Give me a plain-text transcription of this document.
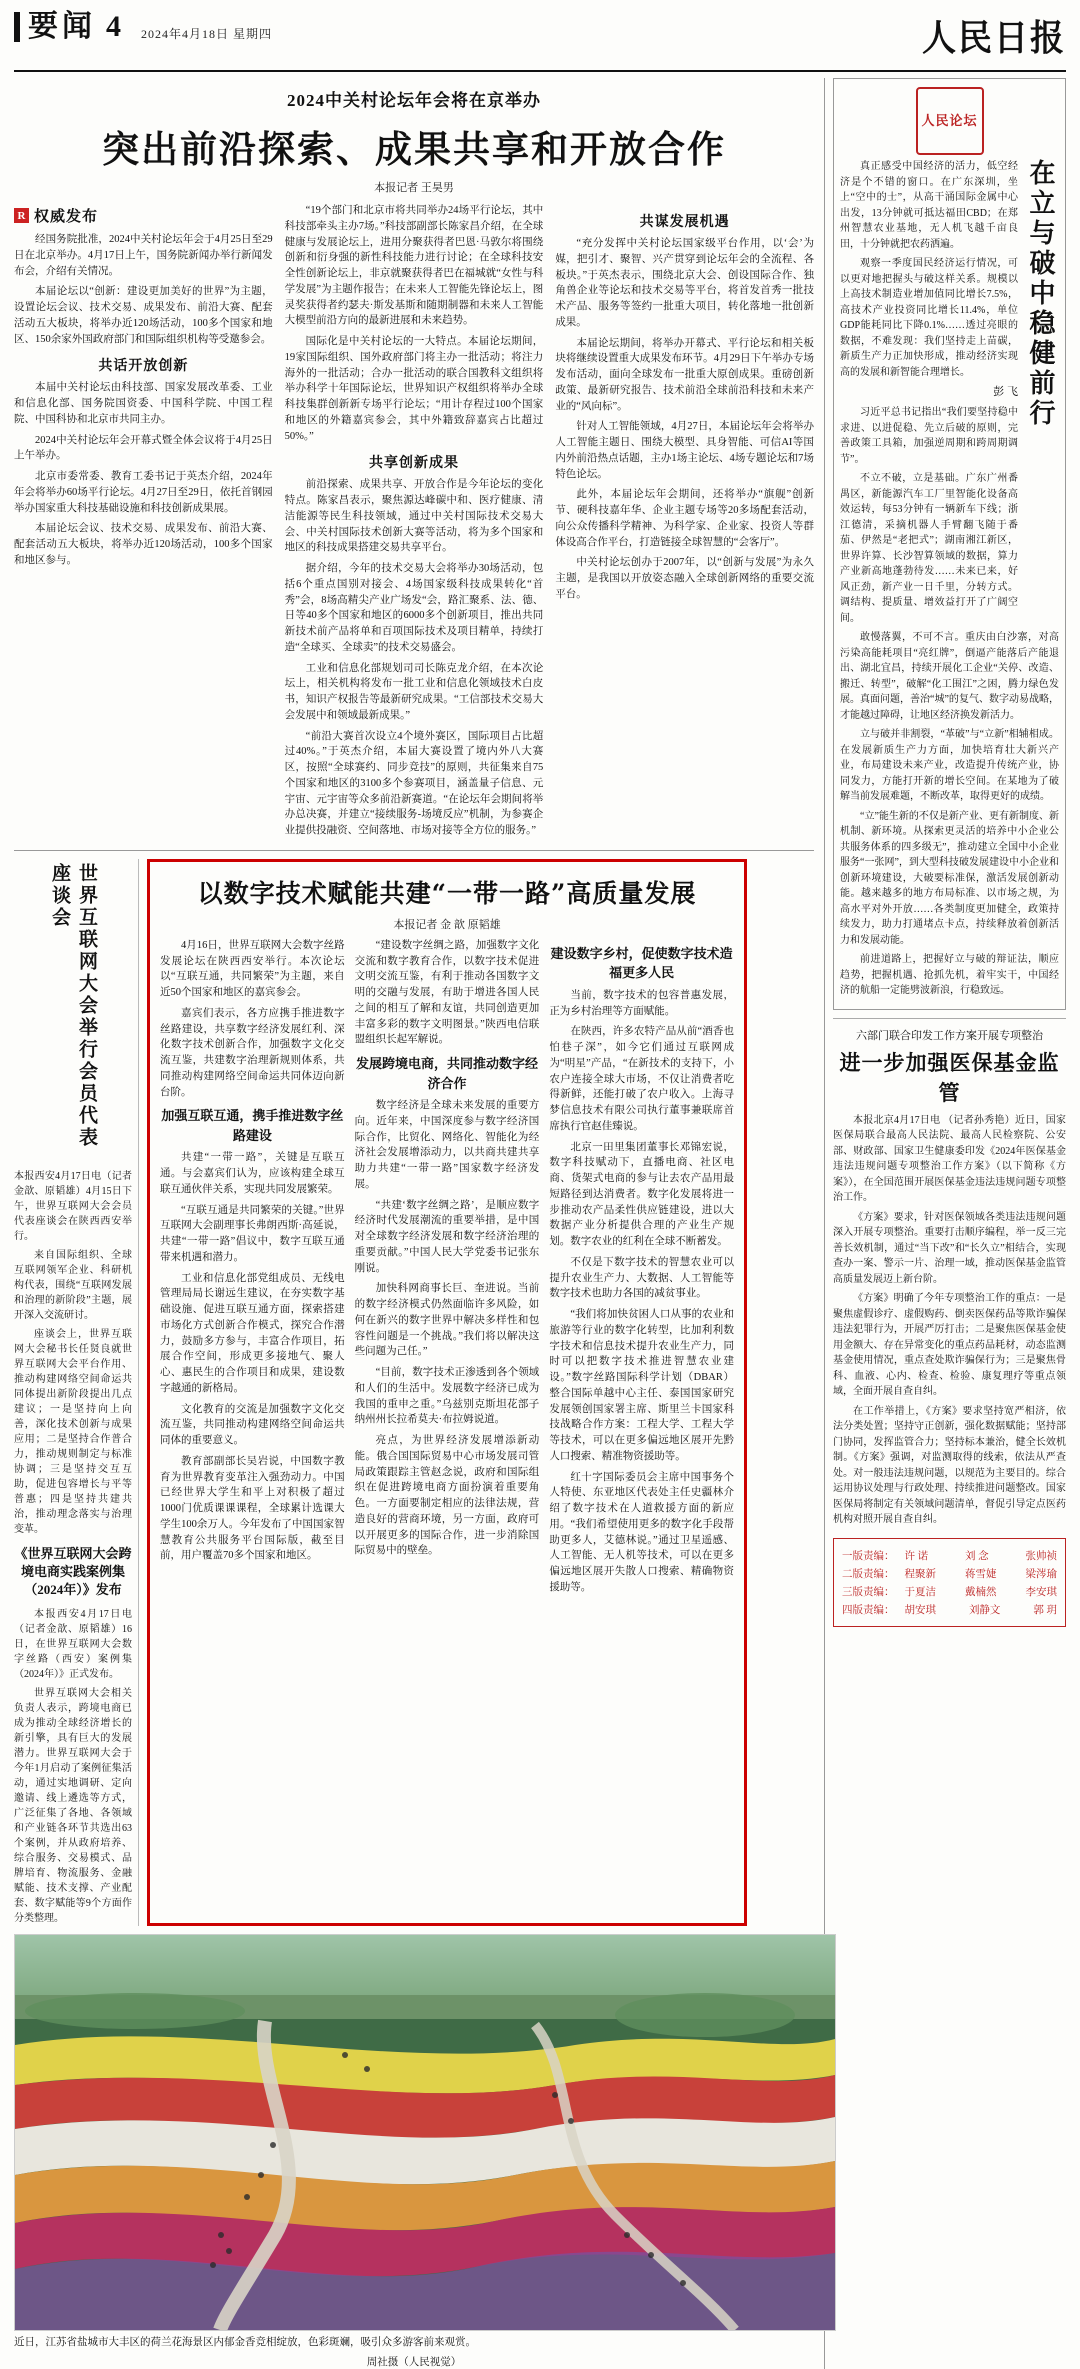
要闻 4 2024年4月18日 星期四	人民日报
2024中关村论坛年会将在京举办
突出前沿探索、成果共享和开放合作
本报记者 王昊男
R 权威发布

经国务院批准，2024中关村论坛年会于4月25日至29日在北京举办。4月17日上午，国务院新闻办举行新闻发布会，介绍有关情况。

本届论坛以“创新：建设更加美好的世界”为主题，设置论坛会议、技术交易、成果发布、前沿大赛、配套活动五大板块，将举办近120场活动，100多个国家和地区、150余家外国政府部门和国际组织机构等受邀参会。

共话开放创新

本届中关村论坛由科技部、国家发展改革委、工业和信息化部、国务院国资委、中国科学院、中国工程院、中国科协和北京市共同主办。

2024中关村论坛年会开幕式暨全体会议将于4月25日上午举办。

北京市委常委、教育工委书记于英杰介绍，2024年年会将举办60场平行论坛。4月27日至29日，依托首钢园举办国家重大科技基础设施和科技创新成果展。

本届论坛会议、技术交易、成果发布、前沿大赛、配套活动五大板块，将举办近120场活动，100多个国家和地区参与。

“19个部门和北京市将共同举办24场平行论坛，其中科技部牵头主办7场。”科技部副部长陈家昌介绍，在全球健康与发展论坛上，进用分聚获得者巴恩·马敦尔将围绕创新和衍身强的新性科技能力进行讨论；在全球科技安全性创新论坛上，非京就聚获得者巴在福城就“女性与科学发展”为主题作报告；在未来人工智能先锋论坛上，图灵奖获得者约瑟夫·斯发基斯和随期制器和未来人工智能大模型前沿方向的最新进展和未来趋势。

国际化是中关村论坛的一大特点。本届论坛期间，19家国际组织、国外政府部门将主办一批活动；将注力海外的一批活动；合办一批活动的联合国教科文组织将举办科学十年国际论坛，世界知识产权组织将举办全球科技集群创新新专场平行论坛；“用计存程过100个国家和地区的外籍嘉宾参会，其中外籍致辞嘉宾占比超过50%。”

共享创新成果

前沿探索、成果共享、开放合作是今年论坛的变化特点。陈家昌表示，聚焦源达峰碳中和、医疗健康、清洁能源等民生科技领域，通过中关村国际技术交易大会、中关村国际技术创新大赛等活动，将为多个国家和地区的科技成果搭建交易共享平台。

据介绍，今年的技术交易大会将举办30场活动，包括6个重点国别对接会、4场国家级科技成果转化“首秀”会，8场高精尖产业广场发“会，路汇聚系、法、德、日等40多个国家和地区的6000多个创新项目，推出共同新技术前产品将单和百项国际技术及项目精单，持续打造“全球买、全球卖”的技术交易盛会。

工业和信息化部规划司司长陈克龙介绍，在本次论坛上，相关机构将发布一批工业和信息化领域技术白皮书，知识产权报告等最新研究成果。“工信部技术交易大会发展中和领域最新成果。”

“前沿大赛首次设立4个境外赛区，国际项目占比超过40%。”于英杰介绍，本届大赛设置了境内外八大赛区，按照“全球赛约、同步竞技”的原则，共征集来自75个国家和地区的3100多个参赛项目，涵盖量子信息、元宇宙、元宇宙等众多前沿新赛道。“在论坛年会期间将举办总决赛，并建立“接续服务-场境反应”机制，为参赛企业提供投融资、空间落地、市场对接等全方位的服务。”

共谋发展机遇

“充分发挥中关村论坛国家级平台作用，以‘会’为媒，把引才、聚智、兴产贯穿到论坛年会的全流程、各板块。”于英杰表示，围绕北京大会、创设国际合作、独角兽企业等论坛和技术交易等平台，将首发首秀一批技术产品、服务等签约一批重大项目，转化落地一批创新成果。

本届论坛期间，将举办开幕式、平行论坛和相关板块将继续设置重大成果发布环节。4月29日下午举办专场发布活动，面向全球发布一批重大原创成果。重磅创新政策、最新研究报告、技术前沿全球前沿科技和未来产业的“风向标”。

针对人工智能领域，4月27日，本届论坛年会将举办人工智能主题日、围绕大模型、具身智能、可信AI等国内外前沿热点话题，主办1场主论坛、4场专题论坛和7场特色论坛。

此外，本届论坛年会期间，还将举办“旗舰”创新节、硬科技嘉年华、企业主题专场等20多场配套活动，向公众传播科学精神、为科学家、企业家、投资人等群体设高合作平台，打造链接全球智慧的“会客厅”。

中关村论坛创办于2007年，以“创新与发展”为永久主题，是我国以开放姿态融入全球创新网络的重要交流平台。

世界互联网大会举行会员代表座谈会
本报西安4月17日电（记者金歆、原韬雄）4月15日下午，世界互联网大会会员代表座谈会在陕西西安举行。
来自国际组织、全球互联网领军企业、科研机构代表，围绕“互联网发展和治理的新阶段”主题，展开深入交流研讨。
座谈会上，世界互联网大会秘书长任贤良就世界互联网大会平台作用、推动构建网络空间命运共同体提出新阶段提出几点建议；一是坚持向上向善，深化技术创新与成果应用；二是坚持合作普合力，推动规则制定与标准协调；三是坚持交互互助，促进包容增长与平等普惠；四是坚持共建共治，推动理念落实与治理变革。
《世界互联网大会跨境电商实践案例集（2024年）》发布
本报西安4月17日电 （记者金歆、原韬雄）16日，在世界互联网大会数字丝路（西安）案例集（2024年）》正式发布。
世界互联网大会相关负责人表示，跨境电商已成为推动全球经济增长的新引擎，具有巨大的发展潜力。世界互联网大会于今年1月启动了案例征集活动，通过实地调研、定向邀请、线上遴选等方式，广泛征集了各地、各领域和产业链各环节共选出63个案例，并从政府培养、综合服务、交易模式、品牌培育、物流服务、金融赋能、技术支撑、产业配套、数字赋能等9个方面作分类整理。
以数字技术赋能共建“一带一路”高质量发展
本报记者 金 歆 原韬雄

4月16日，世界互联网大会数字丝路发展论坛在陕西西安举行。本次论坛以“互联互通，共同繁荣”为主题，来自近50个国家和地区的嘉宾参会。

嘉宾们表示，各方应携手推进数字丝路建设，共享数字经济发展红利、深化数字技术创新合作，加强数字文化交流互鉴，共建数字治理新规则体系，共同推动构建网络空间命运共同体迈向新台阶。

加强互联互通，携手推进数字丝路建设

共建“一带一路”，关键是互联互通。与会嘉宾们认为，应该构建全球互联互通伙伴关系，实现共同发展繁荣。

“互联互通是共同繁荣的关键。”世界互联网大会副理事长弗朗西斯·高延说，共建“一带一路”倡议中，数字互联互通带来机遇和潜力。

工业和信息化部党组成员、无线电管理局局长谢远生建议，在夯实数字基础设施、促进互联互通方面，探索搭建市场化方式创新合作模式，探究合作潜力，鼓励多方参与，丰富合作项目，拓展合作空间，形成更多接地气、聚人心、惠民生的合作项目和成果，建设数字越通的新格局。

文化教育的交流是加强数字文化交流互鉴，共同推动构建网络空间命运共同体的重要意义。

教育部副部长吴岩说，中国数字教育为世界教育变革注入强劲动力。中国已经世界大学生和平上对积极了超过1000门优质课课课程，全球累计选课大学生100余万人。今年发布了中国国家智慧教育公共服务平台国际版，截至目前，用户覆盖70多个国家和地区。

“建设数字丝绸之路，加强数字文化交流和数字教育合作，以数字技术促进文明交流互鉴，有利于推动各国数字文明的交融与发展，有助于增进各国人民之间的相互了解和友谊，共同创造更加丰富多彩的数字文明图景。”陕西电信联盟组织长起军解说。

发展跨境电商，共同推动数字经济合作

数字经济是全球未来发展的重要方向。近年来，中国深度参与数字经济国际合作，比贸化、网络化、智能化为经济社会发展增添动力，以共商共建共享助力共建“一带一路”国家数字经济发展。

“共建‘数字丝绸之路’，是顺应数字经济时代发展潮流的重要举措，是中国对全球数字经济发展和数字经济治理的重要贡献。”中国人民大学党委书记张东刚说。

加快科网商事长巨、奎进说。当前的数字经济模式仍然面临许多风险，如何在新兴的数字世界中解决多样性和包容性问题是一个挑战。”我们将以解决这些问题为己任。”

“目前，数字技术正渗透到各个领域和人们的生活中。发展数字经济已成为我国的重申之重。”乌兹别克斯坦花部子纳州州长拉希莫夫·布拉姆说道。

亮点，为世界经济发展增添新动能。俄合国国际贸易中心市场发展司管局政策跟踪主管赵念说，政府和国际组织在促进跨境电商方面扮演着重要角色。一方面要制定相应的法律法规，营造良好的营商环境，另一方面，政府可以开展更多的国际合作，进一步消除国际贸易中的壁垒。

建设数字乡村，促使数字技术造福更多人民

当前，数字技术的包容普惠发展，正为乡村治理等方面赋能。

在陕西，许多农特产品从前“酒香也怕巷子深”，如今它们通过互联网成为“明星”产品，“在新技术的支持下，小农户连接全球大市场，不仅让消费者吃得新鲜，还能打破了农户收入。上海寻梦信息技术有限公司执行董事兼联席首席执行官赵佳臻说。

北京一田里集团董事长邓锦宏说，数字科技赋动下，直播电商、社区电商、货架式电商的参与让去农产品用最短路径到达消费者。数字化发展将进一步推动农产品柔性供应链建设，进以大数据产业分析提供合理的产业生产规划。数字农业的红利在全球不断蓄发。

不仅是下数字技术的智慧农业可以提升农业生产力、大数据、人工智能等数字技术也助力各国的减贫事业。

“我们将加快贫困人口从事的农业和旅游等行业的数字化转型，比加利利数字技术和信息技术提升农业生产力，同时可以把数字技术推进智慧农业建设。”数字丝路国际科学计划（DBAR）整合国际单越中心主任、泰国国家研究发展领创国家署主席、斯里兰卡国家科技战略合作方案：工程大学、工程大学等技术，可以在更多偏远地区展开先黔人口搜索、精准物资援助等。

红十字国际委员会主席中国事务个人特使、东亚地区代表处主任史疆林介绍了数字技术在人道救援方面的新应用。“我们希望使用更多的数字化手段帮助更多人，艾德林说。”通过卫星遥感、人工智能、无人机等技术，可以在更多偏远地区展开失散人口搜索、精确物资援助等。

近日，江苏省盐城市大丰区的荷兰花海景区内郁金香竞相绽放，色彩斑斓，吸引众多游客前来观赏。
周社摄（人民视觉）
人民论坛

真正感受中国经济的活力，低空经济是个不错的窗口。在广东深圳，坐上“空中的士”，从高干涌国际金属中心出发，13分钟就可抵达福田CBD；在郑州智慧农业基地，无人机飞越千亩良田，十分钟就把农药洒遍。

观察一季度国民经济运行情况，可以更对地把握头与破这样关系。规模以上高技术制造业增加值同比增长7.5%，高技术产业投资同比增长11.4%，单位GDP能耗同比下降0.1%……透过亮眼的数据，不难发现：我们坚持走上苗碳，新质生产力正加快形成，推动经济实现高的发展和新智能合理增长。

彭 飞

习近平总书记指出“我们要坚持稳中求进、以进促稳、先立后破的原则，完善政策工具箱，加强逆周期和跨周期调节”。

不立不破，立是基础。广东广州番禺区，新能源汽车工厂里智能化设备高效运转，每53分钟有一辆新车下线；浙江德清，采摘机器人手臂翻飞随于番茄、伊然是“老把式”；湖南湘江新区，世界许算、长沙智算领域的数据，算力产业新高地蓬勃待发……未来已来，好风正劲，新产业一日千里，分转方式。调结构、提质量、增效益打开了广阔空间。

在立与破中稳健前行

敢慢落翼，不可不言。重庆由白沙寨，对高污染高能耗项目“亮红牌”，倒逼产能落后产能退出、湖北宜昌，持续开展化工企业“关停、改造、搬迁、转型”，破解“化工围江”之困，腾力绿色发展。真面问题，善治“城”的复气、数字动易战略，才能越过障碍，让地区经济换发新活力。

立与破并非割裂，“革破”与“立新”相辅相成。在发展新质生产力方面，加快培育壮大新兴产业，布局建设未来产业，改造提升传统产业，协同发力，方能打开新的增长空间。在某地为了破解当前发展难题，不断改革，取得更好的成绩。

“立”能生新的不仅是新产业、更有新制度、新机制、新环境。从探索更灵活的培养中小企业公共服务体系的四多级无”，推动建立全国中小企业服务“一张网”，到大型科技破发展建设中小企业和创新环境建设，大破要标准保，激活发展创新动能。越来越多的地方布局标准、以市场之规，为高水平对外开放……各类制度更加健全，政策持续发力，助力打通堵点卡点，持续释放着创新活力和发展动能。

前进道路上，把握好立与破的辩证法，顺应趋势，把握机遇、抢抓先机，着牢实干，中国经济的航船一定能劈波新浪，行稳致远。

六部门联合印发工作方案开展专项整治
进一步加强医保基金监管

本报北京4月17日电 （记者孙秀艳）近日，国家医保局联合最高人民法院、最高人民检察院、公安部、财政部、国家卫生健康委印发《2024年医保基金违法违规问题专项整治工作方案》（以下简称《方案》），在全国范围开展医保基金违法违规问题专项整治工作。

《方案》要求，针对医保领域各类违法违规问题深入开展专项整治。重要打击顺序编程，举一反三完善长效机制，通过“当下改”和“长久立”相结合，实现查办一案、警示一片、治理一域，推动医保基金监管高质量发展迈上新台阶。

《方案》明确了今年专项整治工作的重点：一是聚焦虚假诊疗、虚假购药、倒卖医保药品等欺诈骗保违法犯罪行为，开展严厉打击；二是聚焦医保基金使用金额大、存在异常变化的重点药品耗材，动态监测基金使用情况，重点查处欺诈骗保行为；三是聚焦骨科、血液、心内、检查、检验、康复理疗等重点领域，全面开展自查自纠。

在工作举措上，《方案》要求坚持宽严相济，依法分类处置；坚持守正创新，强化数据赋能；坚持部门协同，发挥监管合力；坚持标本兼治，健全长效机制。《方案》强调，对监测取得的线索，依法从严查处。对一般违法违规问题，以规范为主要目的。综合运用协议处理与行政处理、持续推进问题整改。国家医保局将制定有关领域问题清单，督促引导定点医药机构对照开展自查自纠。

一版责编： 许 诺	刘 念	张帅祯
二版责编： 程聚新	蒋雪婕	梁涔瑜
三版责编： 于夏洁	戴楠然	李安琪
四版责编： 胡安琪	刘静文	郭 玥
